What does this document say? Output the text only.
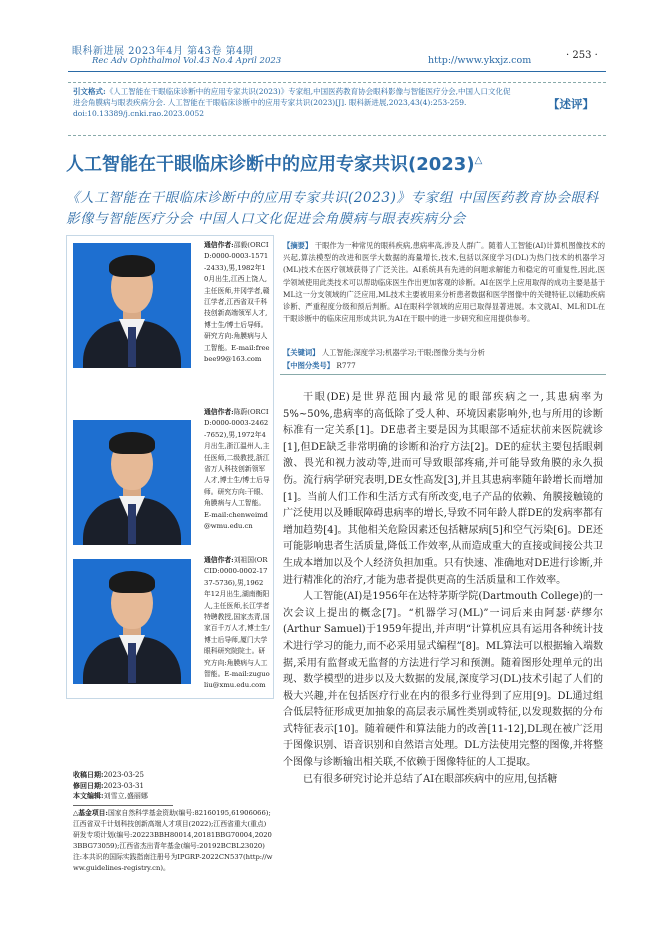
眼科新进展 2023年4月 第43卷 第4期
Rec Adv Ophthalmol Vol.43 No.4 April 2023	http://www.ykxjz.com	· 253 ·
引文格式:《人工智能在干眼临床诊断中的应用专家共识(2023)》专家组,中国医药教育协会眼科影像与智能医疗分会,中国人口文化促进会角膜病与眼表疾病分会. 人工智能在干眼临床诊断中的应用专家共识(2023)[J]. 眼科新进展,2023,43(4):253-259. doi:10.13389/j.cnki.rao.2023.0052
【述评】
人工智能在干眼临床诊断中的应用专家共识(2023)△
《人工智能在干眼临床诊断中的应用专家共识(2023)》专家组 中国医药教育协会眼科影像与智能医疗分会 中国人口文化促进会角膜病与眼表疾病分会
通信作者:邵毅(ORCID:0000-0003-1571-2433),男,1982年10月出生,江西上饶人,主任医师,井冈学者,赣江学者,江西省双千科技创新高端领军人才,博士生/博士后导师。研究方向:角膜病与人工智能。E-mail:freebee99@163.com
通信作者:陈蔚(ORCID:0000-0003-2462-7652),男,1972年4月出生,浙江温州人,主任医师,二级教授,浙江省万人科技创新领军人才,博士生/博士后导师。研究方向:干眼、角膜病与人工智能。E-mail:chenweimd@wmu.edu.cn
通信作者:刘祖国(ORCID:0000-0002-1737-5736),男,1962年12月出生,湖南衡阳人,主任医师,长江学者特聘教授,国家杰青,国家百千万人才,博士生/博士后导师,厦门大学眼科研究院院士。研究方向:角膜病与人工智能。E-mail:zuguoliu@xmu.edu.com
收稿日期:2023-03-25
修回日期:2023-03-31
本文编辑:刘雪立,盛丽娜
△基金项目:国家自然科学基金资助(编号:82160195,61906066);江西省双千计划科技创新高端人才项目(2022);江西省重大(重点)研发专项计划(编号:20223BBH80014,20181BBG70004,20203BBG73059);江西省杰出青年基金(编号:20192BCBL23020)
注:本共识的国际实践指南注册号为IPGRP-2022CN537(http://www.guidelines-registry.cn)。
【摘要】 干眼作为一种常见的眼科疾病,患病率高,涉及人群广。随着人工智能(AI)计算机图像技术的兴起,算法模型的改进和医学大数据的海量增长,技术,包括以深度学习(DL)为热门技术的机器学习(ML)技术在医疗领域获得了广泛关注。AI系统具有先进的问题求解能力和稳定的可重复性,因此,医学领域使用此类技术可以帮助临床医生作出更加客观的诊断。AI在医学上应用取得的成功主要是基于ML这一分支领域的广泛应用,ML技术主要被用来分析患者数据和医学图像中的关键特征,以辅助疾病诊断、严重程度分级和预后判断。AI在眼科学领域的应用已取得显著进展。本文就AI、ML和DL在干眼诊断中的临床应用形成共识,为AI在干眼中的进一步研究和应用提供参考。
【关键词】 人工智能;深度学习;机器学习;干眼;图像分类与分析
【中图分类号】 R777

干眼(DE)是世界范围内最常见的眼部疾病之一,其患病率为5%~50%,患病率的高低除了受人种、环境因素影响外,也与所用的诊断标准有一定关系[1]。DE患者主要是因为其眼部不适症状前来医院就诊[1],但DE缺乏非常明确的诊断和治疗方法[2]。DE的症状主要包括眼刺激、畏光和视力波动等,进而可导致眼部疼痛,并可能导致角膜的永久损伤。流行病学研究表明,DE女性高发[3],并且其患病率随年龄增长而增加[1]。当前人们工作和生活方式有所改变,电子产品的依赖、角膜接触镜的广泛使用以及睡眠障碍患病率的增长,导致不同年龄人群DE的发病率都有增加趋势[4]。其他相关危险因素还包括糖尿病[5]和空气污染[6]。DE还可能影响患者生活质量,降低工作效率,从而造成重大的直接或间接公共卫生成本增加以及个人经济负担加重。只有快速、准确地对DE进行诊断,并进行精准化的治疗,才能为患者提供更高的生活质量和工作效率。

人工智能(AI)是1956年在达特茅斯学院(Dartmouth College)的一次会议上提出的概念[7]。“机器学习(ML)”一词后来由阿瑟·萨缪尔(Arthur Samuel)于1959年提出,并声明“计算机应具有运用各种统计技术进行学习的能力,而不必采用显式编程”[8]。ML算法可以根据输入端数据,采用有监督或无监督的方法进行学习和预测。随着图形处理单元的出现、数学模型的进步以及大数据的发展,深度学习(DL)技术引起了人们的极大兴趣,并在包括医疗行业在内的很多行业得到了应用[9]。DL通过组合低层特征形成更加抽象的高层表示属性类别或特征,以发现数据的分布式特征表示[10]。随着硬件和算法能力的改善[11-12],DL现在被广泛用于图像识别、语音识别和自然语言处理。DL方法使用完整的图像,并将整个图像与诊断输出相关联,不依赖于图像特征的人工提取。

已有很多研究讨论并总结了AI在眼部疾病中的应用,包括糖
